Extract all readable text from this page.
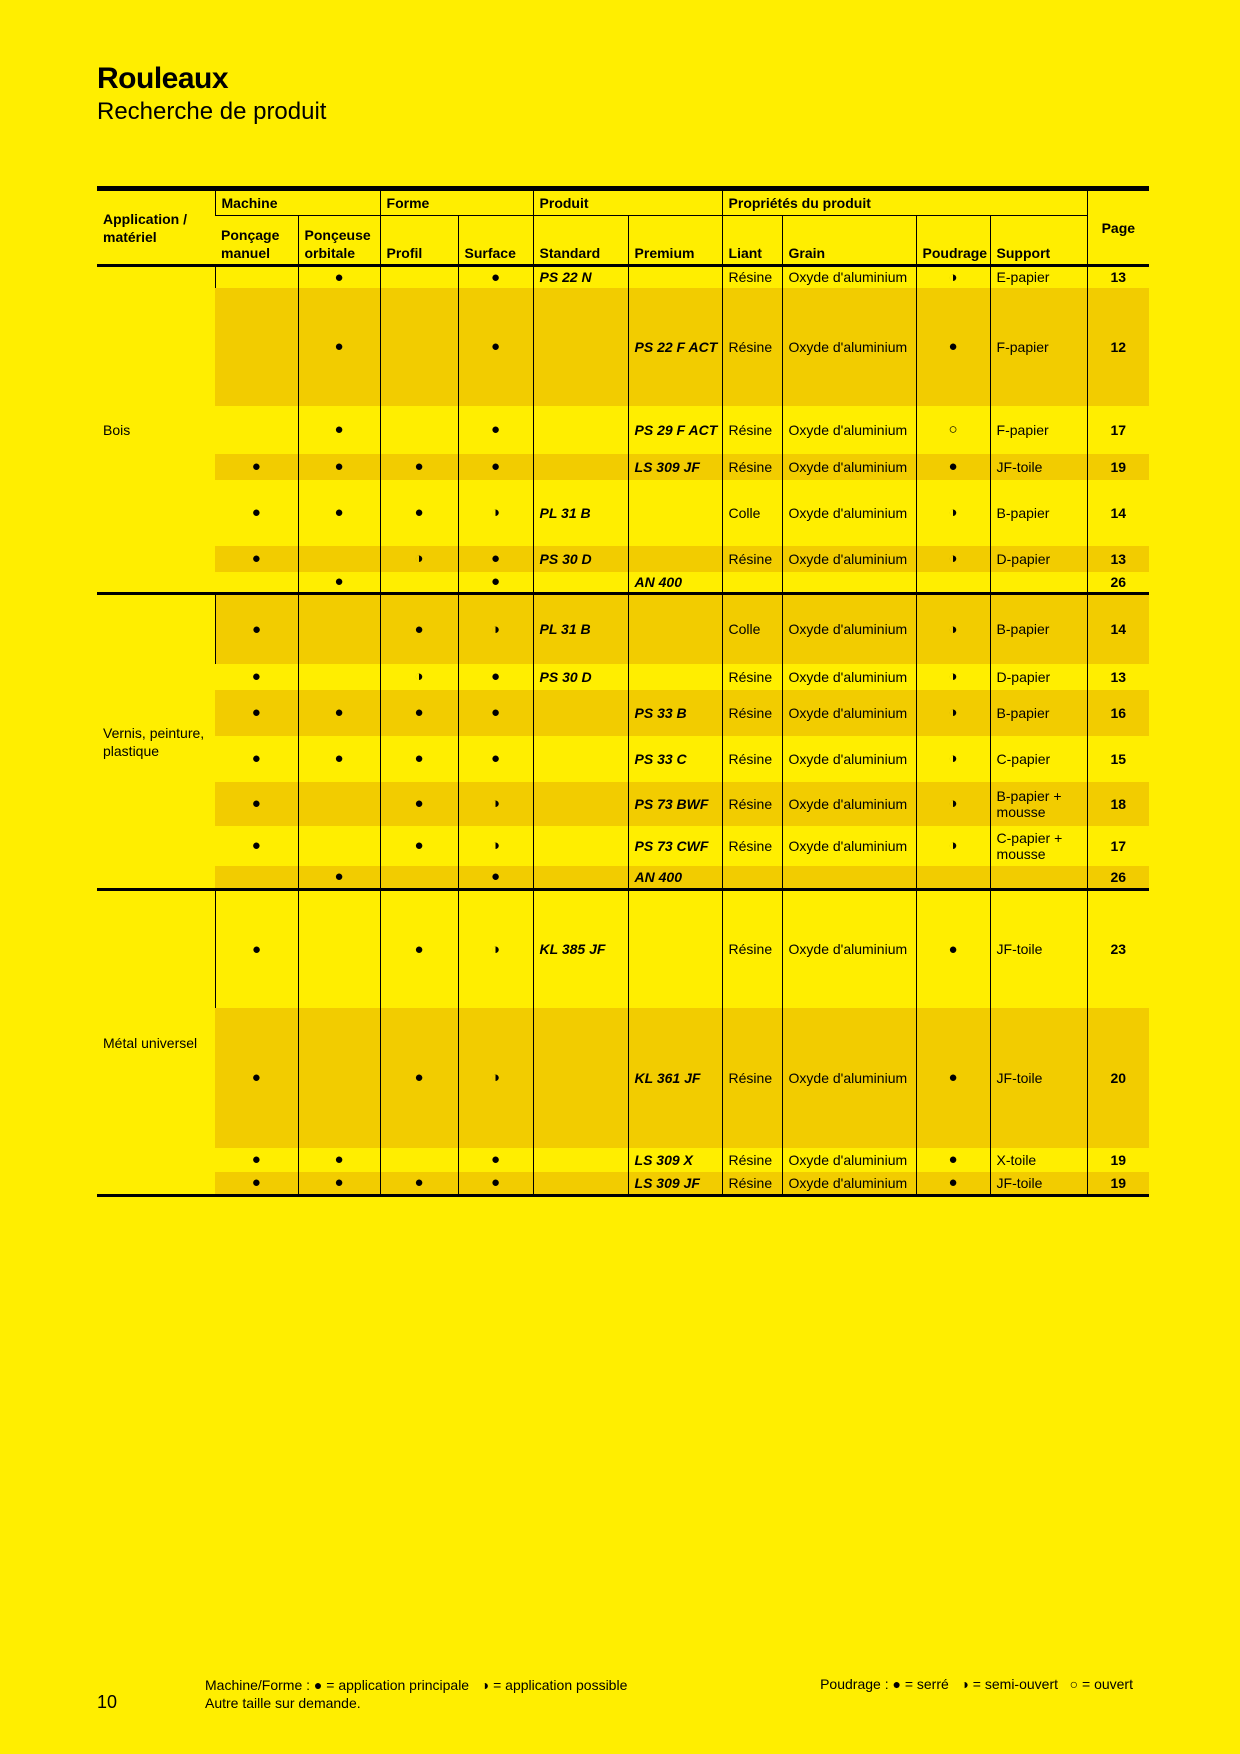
Rouleaux
Recherche de produit
Application / matériel	Machine		Forme		Produit		Propriétés du produit				Page
	Ponçage manuel	Ponçeuse orbitale	Profil	Surface	Standard	Premium	Liant	Grain	Poudrage	Support	
Bois		●		●	PS 22 N		Résine	Oxyde d'aluminium	◑	E-papier	13
		●		●		PS 22 F ACT	Résine	Oxyde d'aluminium	●	F-papier	12
		●		●		PS 29 F ACT	Résine	Oxyde d'aluminium	○	F-papier	17
	●	●	●	●		LS 309 JF	Résine	Oxyde d'aluminium	●	JF-toile	19
	●	●	●	◑	PL 31 B		Colle	Oxyde d'aluminium	◑	B-papier	14
	●		◑	●	PS 30 D		Résine	Oxyde d'aluminium	◑	D-papier	13
		●		●		AN 400					26
Vernis, peinture, plastique	●		●	◑	PL 31 B		Colle	Oxyde d'aluminium	◑	B-papier	14
	●		◑	●	PS 30 D		Résine	Oxyde d'aluminium	◑	D-papier	13
	●	●	●	●		PS 33 B	Résine	Oxyde d'aluminium	◑	B-papier	16
	●	●	●	●		PS 33 C	Résine	Oxyde d'aluminium	◑	C-papier	15
	●		●	◑		PS 73 BWF	Résine	Oxyde d'aluminium	◑	B-papier + mousse	18
	●		●	◑		PS 73 CWF	Résine	Oxyde d'aluminium	◑	C-papier + mousse	17
		●		●		AN 400					26
Métal universel	●		●	◑	KL 385 JF		Résine	Oxyde d'aluminium	●	JF-toile	23
	●		●	◑		KL 361 JF	Résine	Oxyde d'aluminium	●	JF-toile	20
	●	●		●		LS 309 X	Résine	Oxyde d'aluminium	●	X-toile	19
	●	●	●	●		LS 309 JF	Résine	Oxyde d'aluminium	●	JF-toile	19
Machine/Forme : ● = application principale   ◑ = application possible
Autre taille sur demande.
Poudrage : ● = serré   ◑ = semi-ouvert   ○ = ouvert
10
